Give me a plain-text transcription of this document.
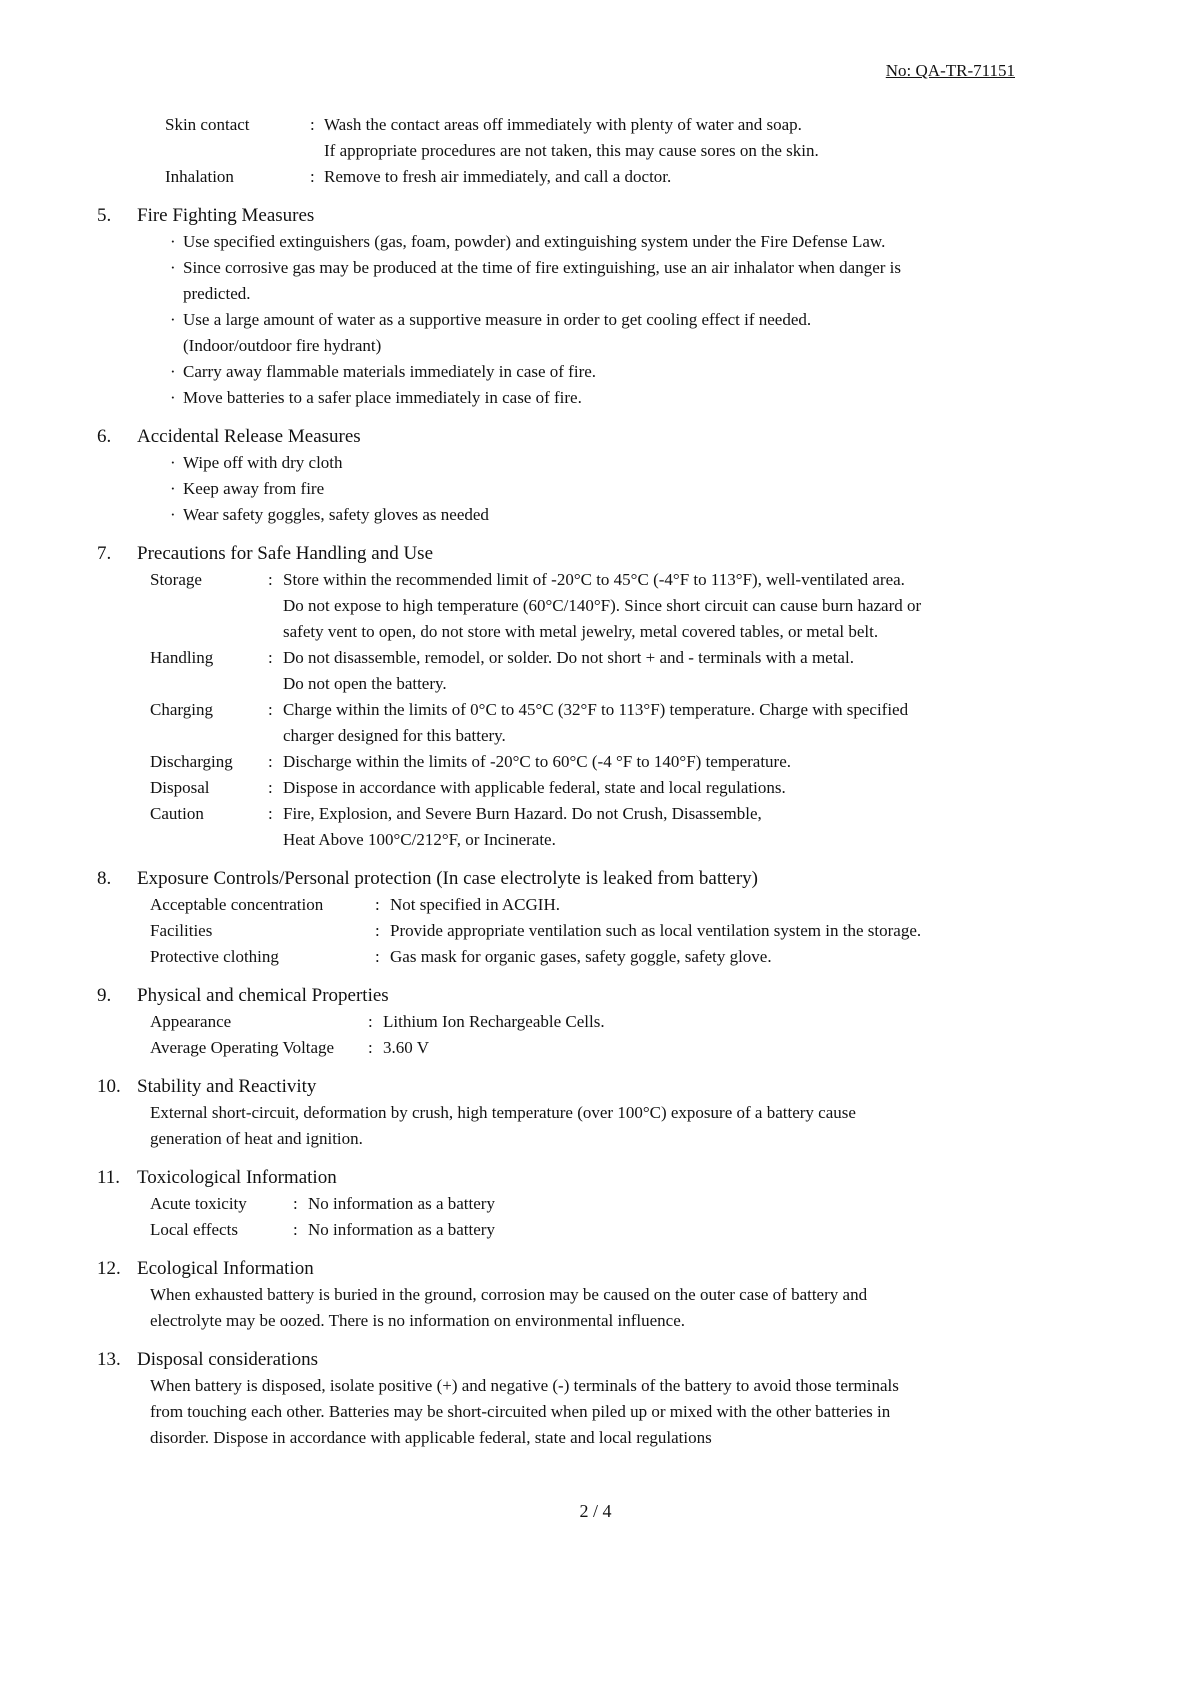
No: QA-TR-71151
Skin contact	: Wash the contact areas off immediately with plenty of water and soap.
If appropriate procedures are not taken, this may cause sores on the skin.
Inhalation	: Remove to fresh air immediately, and call a doctor.
5.	Fire Fighting Measures
· Use specified extinguishers (gas, foam, powder) and extinguishing system under the Fire Defense Law.
· Since corrosive gas may be produced at the time of fire extinguishing, use an air inhalator when danger is
predicted.
· Use a large amount of water as a supportive measure in order to get cooling effect if needed.
(Indoor/outdoor fire hydrant)
· Carry away flammable materials immediately in case of fire.
· Move batteries to a safer place immediately in case of fire.
6.	Accidental Release Measures
· Wipe off with dry cloth
· Keep away from fire
· Wear safety goggles, safety gloves as needed
7.	Precautions for Safe Handling and Use
Storage	: Store within the recommended limit of -20°C to 45°C (-4°F to 113°F), well-ventilated area.
Do not expose to high temperature (60°C/140°F). Since short circuit can cause burn hazard or
safety vent to open, do not store with metal jewelry, metal covered tables, or metal belt.
Handling	: Do not disassemble, remodel, or solder. Do not short + and - terminals with a metal.
Do not open the battery.
Charging	: Charge within the limits of 0°C to 45°C (32°F to 113°F) temperature. Charge with specified
charger designed for this battery.
Discharging	: Discharge within the limits of -20°C to 60°C (-4 °F to 140°F) temperature.
Disposal	: Dispose in accordance with applicable federal, state and local regulations.
Caution	: Fire, Explosion, and Severe Burn Hazard. Do not Crush, Disassemble,
Heat Above 100°C/212°F, or Incinerate.
8.	Exposure Controls/Personal protection (In case electrolyte is leaked from battery)
Acceptable concentration	: Not specified in ACGIH.
Facilities	: Provide appropriate ventilation such as local ventilation system in the storage.
Protective clothing	: Gas mask for organic gases, safety goggle, safety glove.
9.	Physical and chemical Properties
Appearance	: Lithium Ion Rechargeable Cells.
Average Operating Voltage	: 3.60 V
10. Stability and Reactivity
External short-circuit, deformation by crush, high temperature (over 100°C) exposure of a battery cause
generation of heat and ignition.
11. Toxicological Information
Acute toxicity	: No information as a battery
Local effects	: No information as a battery
12. Ecological Information
When exhausted battery is buried in the ground, corrosion may be caused on the outer case of battery and
electrolyte may be oozed. There is no information on environmental influence.
13. Disposal considerations
When battery is disposed, isolate positive (+) and negative (-) terminals of the battery to avoid those terminals
from touching each other. Batteries may be short-circuited when piled up or mixed with the other batteries in
disorder. Dispose in accordance with applicable federal, state and local regulations
2 / 4
